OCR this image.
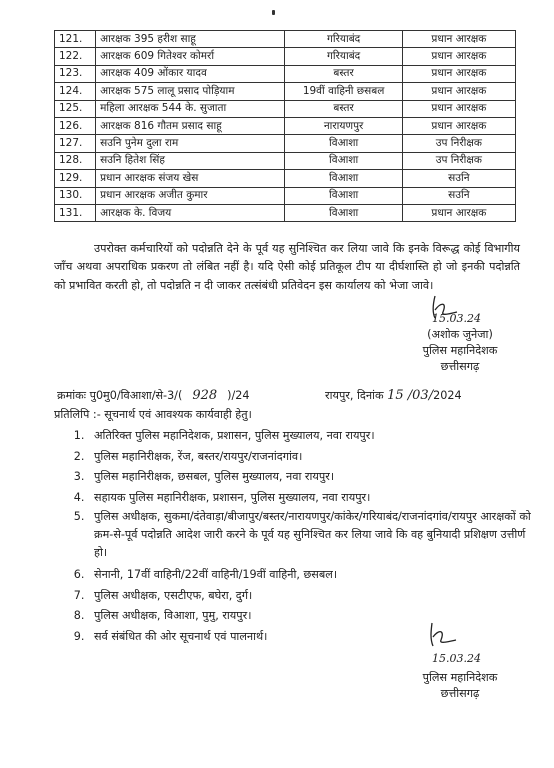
121.	आरक्षक 395 हरीश साहू	गरियाबंद	प्रधान आरक्षक
122.	आरक्षक 609 गितेश्वर कोमर्रा	गरियाबंद	प्रधान आरक्षक
123.	आरक्षक 409 ओंकार यादव	बस्तर	प्रधान आरक्षक
124.	आरक्षक 575 लालू प्रसाद पोड़ियाम	19वीं वाहिनी छसबल	प्रधान आरक्षक
125.	महिला आरक्षक 544 के. सुजाता	बस्तर	प्रधान आरक्षक
126.	आरक्षक 816 गौतम प्रसाद साहू	नारायणपुर	प्रधान आरक्षक
127.	सउनि पुनेम दुला राम	विआशा	उप निरीक्षक
128.	सउनि हितेश सिंह	विआशा	उप निरीक्षक
129.	प्रधान आरक्षक संजय खेस	विआशा	सउनि
130.	प्रधान आरक्षक अजीत कुमार	विआशा	सउनि
131.	आरक्षक के. विजय	विआशा	प्रधान आरक्षक
उपरोक्त कर्मचारियों को पदोन्नति देने के पूर्व यह सुनिश्चित कर लिया जावे कि इनके विरूद्ध कोई विभागीय जाँच अथवा अपराधिक प्रकरण तो लंबित नहीं है। यदि ऐसी कोई प्रतिकूल टीप या दीर्घशास्ति हो जो इनकी पदोन्नति को प्रभावित करती हो, तो पदोन्नति न दी जाकर तत्संबंधी प्रतिवेदन इस कार्यालय को भेजा जावे।
15.03.24
(अशोक जुनेजा)
पुलिस महानिदेशक
छत्तीसगढ़
क्रमांकः पु0मु0/विआशा/से-3/( 928 )/24	रायपुर, दिनांक 15 /03/2024
प्रतिलिपि :- सूचनार्थ एवं आवश्यक कार्यवाही हेतु।
1. अतिरिक्त पुलिस महानिदेशक, प्रशासन, पुलिस मुख्यालय, नवा रायपुर।
2. पुलिस महानिरीक्षक, रेंज, बस्तर/रायपुर/राजनांदगांव।
3. पुलिस महानिरीक्षक, छसबल, पुलिस मुख्यालय, नवा रायपुर।
4. सहायक पुलिस महानिरीक्षक, प्रशासन, पुलिस मुख्यालय, नवा रायपुर।
5. पुलिस अधीक्षक, सुकमा/दंतेवाड़ा/बीजापुर/बस्तर/नारायणपुर/कांकेर/गरियाबंद/राजनांदगांव/रायपुर आरक्षकों को क्रम-से-पूर्व पदोन्नति आदेश जारी करने के पूर्व यह सुनिश्चित कर लिया जावे कि वह बुनियादी प्रशिक्षण उत्तीर्ण हो।
6. सेनानी, 17वीं वाहिनी/22वीं वाहिनी/19वीं वाहिनी, छसबल।
7. पुलिस अधीक्षक, एसटीएफ, बघेरा, दुर्ग।
8. पुलिस अधीक्षक, विआशा, पुमु, रायपुर।
9. सर्व संबंधित की ओर सूचनार्थ एवं पालनार्थ।
15.03.24
पुलिस महानिदेशक
छत्तीसगढ़
